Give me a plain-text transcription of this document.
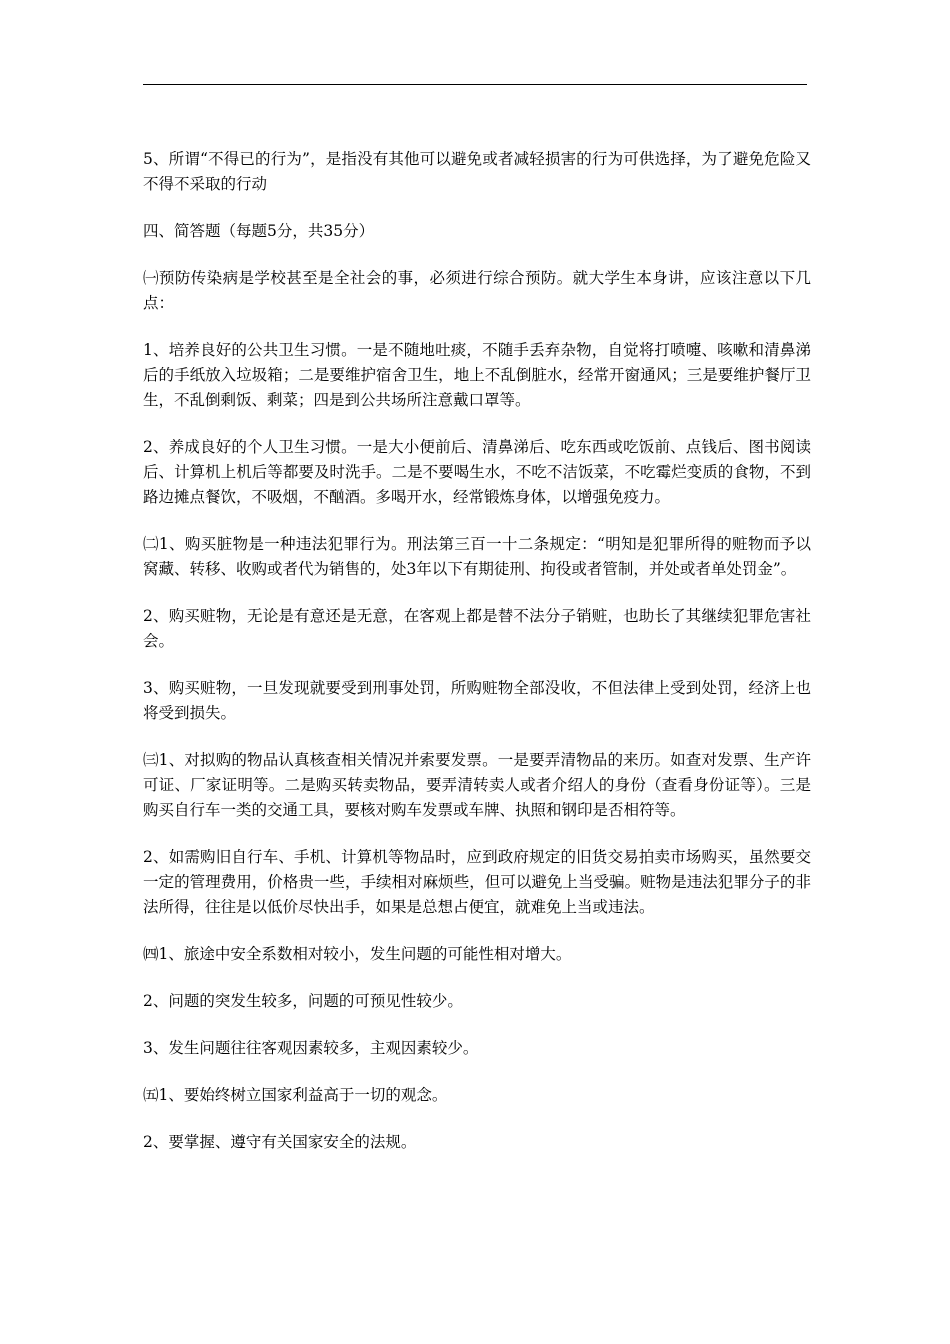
5、所谓“不得已的行为”，是指没有其他可以避免或者减轻损害的行为可供选择，为了避免危险又不得不采取的行动

四、简答题（每题5分，共35分）

㈠预防传染病是学校甚至是全社会的事，必须进行综合预防。就大学生本身讲，应该注意以下几点：

1、培养良好的公共卫生习惯。一是不随地吐痰，不随手丢弃杂物，自觉将打喷嚏、咳嗽和清鼻涕后的手纸放入垃圾箱；二是要维护宿舍卫生，地上不乱倒脏水，经常开窗通风；三是要维护餐厅卫生，不乱倒剩饭、剩菜；四是到公共场所注意戴口罩等。

2、养成良好的个人卫生习惯。一是大小便前后、清鼻涕后、吃东西或吃饭前、点钱后、图书阅读后、计算机上机后等都要及时洗手。二是不要喝生水，不吃不洁饭菜，不吃霉烂变质的食物，不到路边摊点餐饮，不吸烟，不酗酒。多喝开水，经常锻炼身体，以增强免疫力。

㈡1、购买脏物是一种违法犯罪行为。刑法第三百一十二条规定：“明知是犯罪所得的赃物而予以窝藏、转移、收购或者代为销售的，处3年以下有期徒刑、拘役或者管制，并处或者单处罚金”。

2、购买赃物，无论是有意还是无意，在客观上都是替不法分子销赃，也助长了其继续犯罪危害社会。

3、购买赃物，一旦发现就要受到刑事处罚，所购赃物全部没收，不但法律上受到处罚，经济上也将受到损失。

㈢1、对拟购的物品认真核查相关情况并索要发票。一是要弄清物品的来历。如查对发票、生产许可证、厂家证明等。二是购买转卖物品，要弄清转卖人或者介绍人的身份（查看身份证等）。三是购买自行车一类的交通工具，要核对购车发票或车牌、执照和钢印是否相符等。

2、如需购旧自行车、手机、计算机等物品时，应到政府规定的旧货交易拍卖市场购买，虽然要交一定的管理费用，价格贵一些，手续相对麻烦些，但可以避免上当受骗。赃物是违法犯罪分子的非法所得，往往是以低价尽快出手，如果是总想占便宜，就难免上当或违法。

㈣1、旅途中安全系数相对较小，发生问题的可能性相对增大。

2、问题的突发生较多，问题的可预见性较少。

3、发生问题往往客观因素较多，主观因素较少。

㈤1、要始终树立国家利益高于一切的观念。

2、要掌握、遵守有关国家安全的法规。
